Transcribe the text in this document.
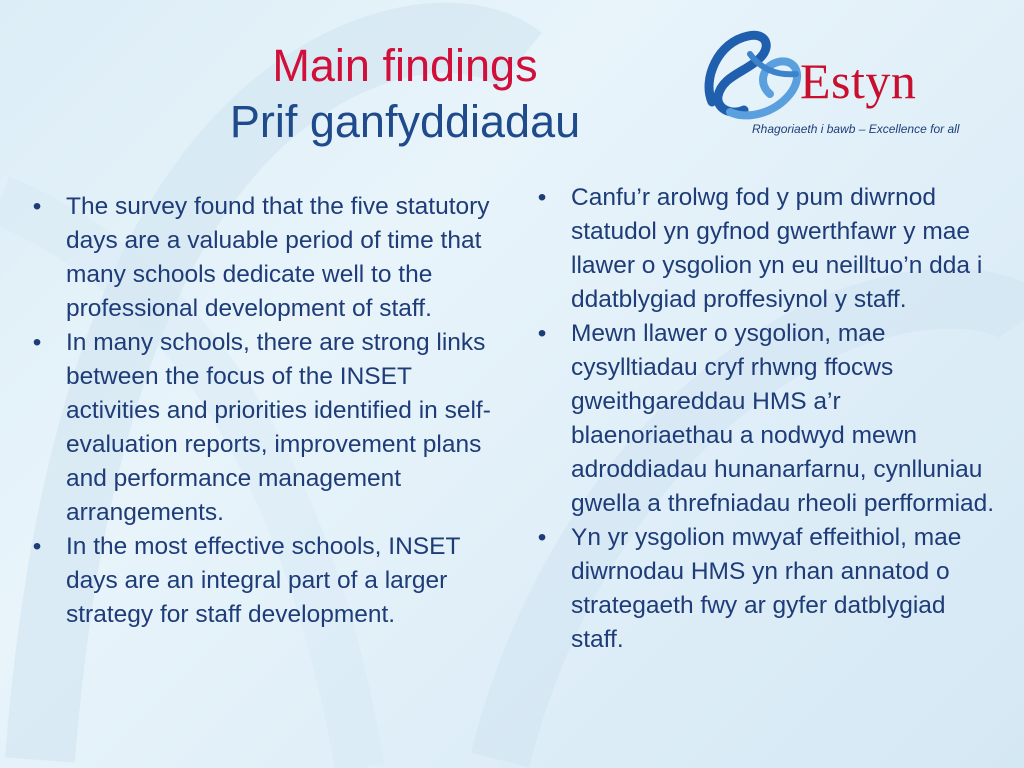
Main findings
Prif ganfyddiadau
Estyn
Rhagoriaeth i bawb – Excellence for all
• The survey found that the five statutory days are a valuable period of time that many schools dedicate well to the professional development of staff.
• In many schools, there are strong links between the focus of the INSET activities and priorities identified in self-evaluation reports, improvement plans and performance management arrangements.
• In the most effective schools, INSET days are an integral part of a larger strategy for staff development.
• Canfu’r arolwg fod y pum diwrnod statudol yn gyfnod gwerthfawr y mae llawer o ysgolion yn eu neilltuo’n dda i ddatblygiad proffesiynol y staff.
• Mewn llawer o ysgolion, mae cysylltiadau cryf rhwng ffocws gweithgareddau HMS a’r blaenoriaethau a nodwyd mewn adroddiadau hunanarfarnu, cynlluniau gwella a threfniadau rheoli perfformiad.
• Yn yr ysgolion mwyaf effeithiol, mae diwrnodau HMS yn rhan annatod o strategaeth fwy ar gyfer datblygiad staff.
